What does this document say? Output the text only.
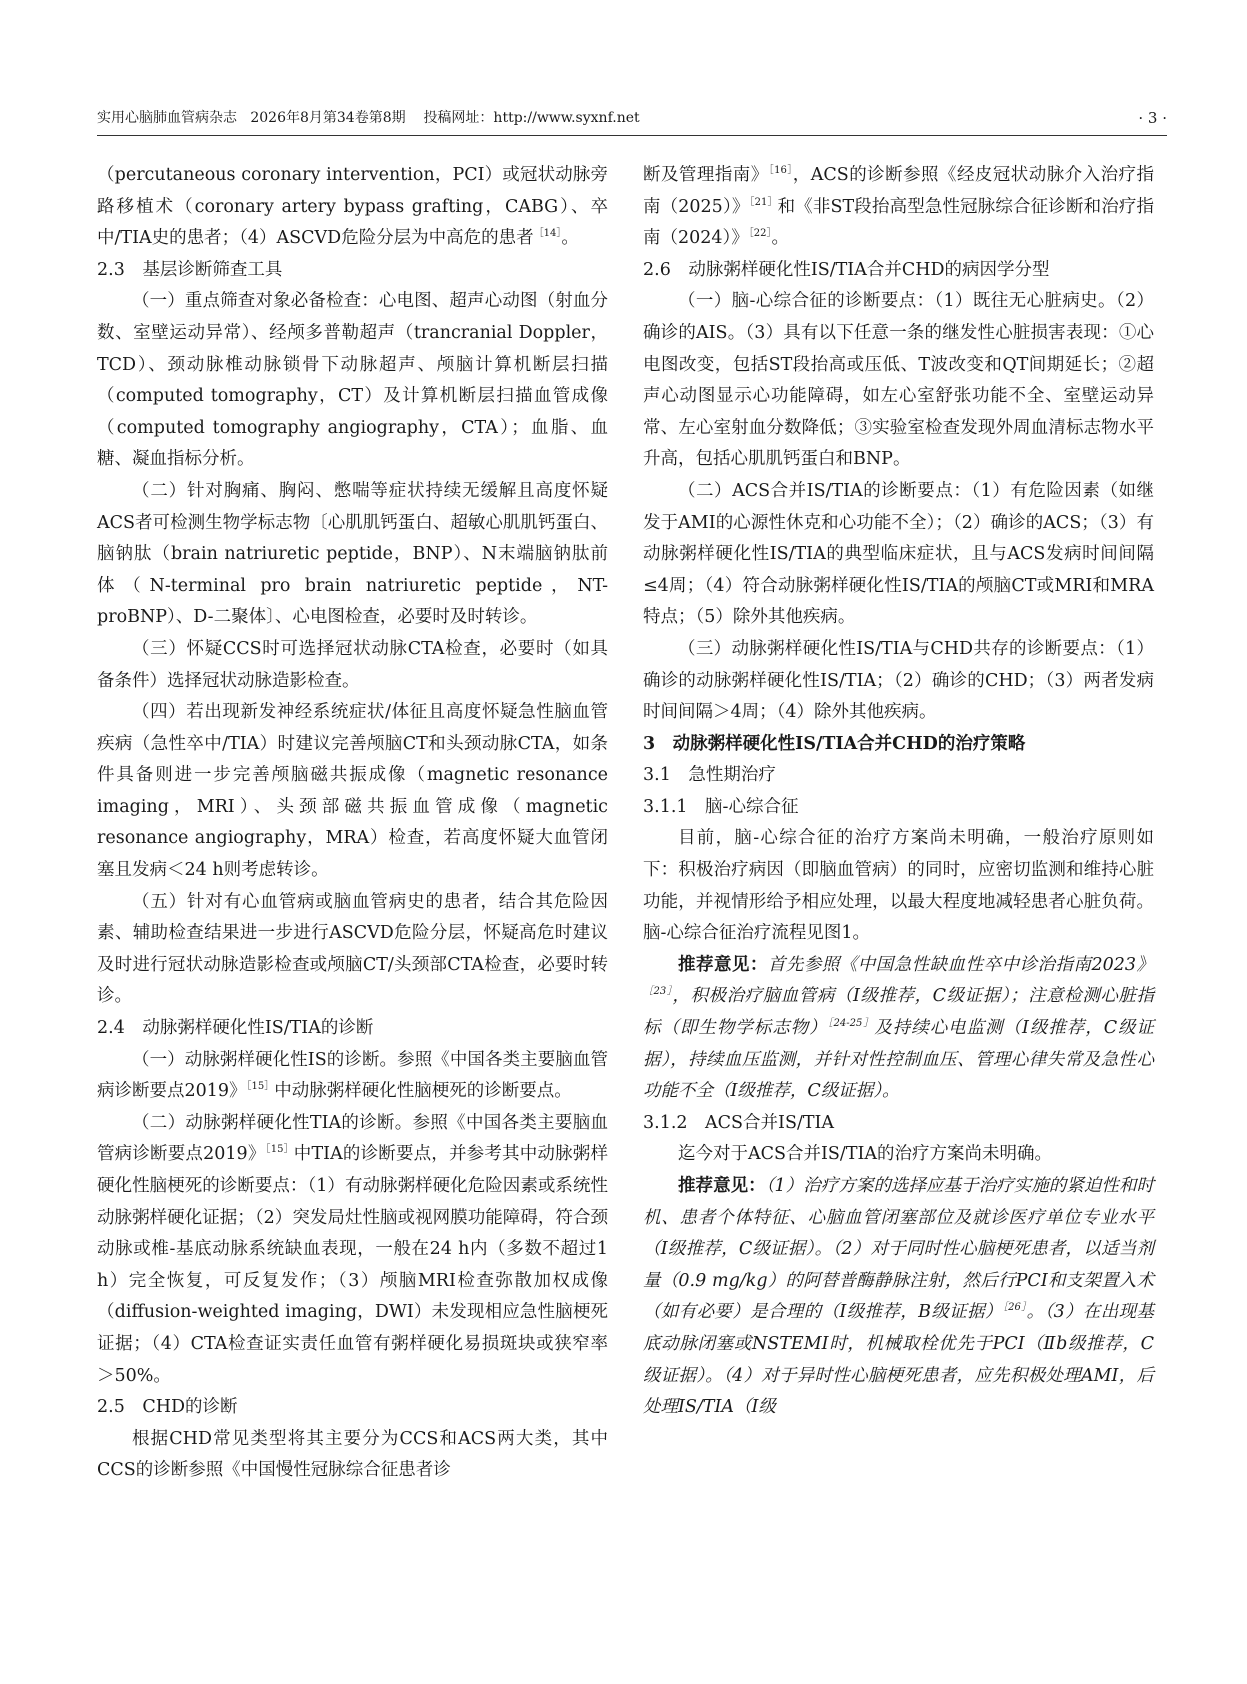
实用心脑肺血管病杂志 2026年8月第34卷第8期 投稿网址：http://www.syxnf.net	· 3 ·

（percutaneous coronary intervention，PCI）或冠状动脉旁路移植术（coronary artery bypass grafting，CABG）、卒中/TIA史的患者；（4）ASCVD危险分层为中高危的患者$^{[14]}$。

2.3　基层诊断筛查工具

（一）重点筛查对象必备检查：心电图、超声心动图（射血分数、室壁运动异常）、经颅多普勒超声（trancranial Doppler，TCD）、颈动脉椎动脉锁骨下动脉超声、颅脑计算机断层扫描（computed tomography，CT）及计算机断层扫描血管成像（computed tomography angiography，CTA）；血脂、血糖、凝血指标分析。

（二）针对胸痛、胸闷、憋喘等症状持续无缓解且高度怀疑ACS者可检测生物学标志物〔心肌肌钙蛋白、超敏心肌肌钙蛋白、脑钠肽（brain natriuretic peptide，BNP）、N末端脑钠肽前体（N-terminal pro brain natriuretic peptide，NT-proBNP）、D-二聚体〕、心电图检查，必要时及时转诊。

（三）怀疑CCS时可选择冠状动脉CTA检查，必要时（如具备条件）选择冠状动脉造影检查。

（四）若出现新发神经系统症状/体征且高度怀疑急性脑血管疾病（急性卒中/TIA）时建议完善颅脑CT和头颈动脉CTA，如条件具备则进一步完善颅脑磁共振成像（magnetic resonance imaging，MRI）、头颈部磁共振血管成像（magnetic resonance angiography，MRA）检查，若高度怀疑大血管闭塞且发病＜24 h则考虑转诊。

（五）针对有心血管病或脑血管病史的患者，结合其危险因素、辅助检查结果进一步进行ASCVD危险分层，怀疑高危时建议及时进行冠状动脉造影检查或颅脑CT/头颈部CTA检查，必要时转诊。

2.4　动脉粥样硬化性IS/TIA的诊断

（一）动脉粥样硬化性IS的诊断。参照《中国各类主要脑血管病诊断要点2019》$^{[15]}$中动脉粥样硬化性脑梗死的诊断要点。

（二）动脉粥样硬化性TIA的诊断。参照《中国各类主要脑血管病诊断要点2019》$^{[15]}$中TIA的诊断要点，并参考其中动脉粥样硬化性脑梗死的诊断要点：（1）有动脉粥样硬化危险因素或系统性动脉粥样硬化证据；（2）突发局灶性脑或视网膜功能障碍，符合颈动脉或椎-基底动脉系统缺血表现，一般在24 h内（多数不超过1 h）完全恢复，可反复发作；（3）颅脑MRI检查弥散加权成像（diffusion-weighted imaging，DWI）未发现相应急性脑梗死证据；（4）CTA检查证实责任血管有粥样硬化易损斑块或狭窄率＞50%。

2.5　CHD的诊断

根据CHD常见类型将其主要分为CCS和ACS两大类，其中CCS的诊断参照《中国慢性冠脉综合征患者诊

断及管理指南》$^{[16]}$，ACS的诊断参照《经皮冠状动脉介入治疗指南（2025）》$^{[21]}$和《非ST段抬高型急性冠脉综合征诊断和治疗指南（2024）》$^{[22]}$。

2.6　动脉粥样硬化性IS/TIA合并CHD的病因学分型

（一）脑-心综合征的诊断要点：（1）既往无心脏病史。（2）确诊的AIS。（3）具有以下任意一条的继发性心脏损害表现：①心电图改变，包括ST段抬高或压低、T波改变和QT间期延长；②超声心动图显示心功能障碍，如左心室舒张功能不全、室壁运动异常、左心室射血分数降低；③实验室检查发现外周血清标志物水平升高，包括心肌肌钙蛋白和BNP。

（二）ACS合并IS/TIA的诊断要点：（1）有危险因素（如继发于AMI的心源性休克和心功能不全）；（2）确诊的ACS；（3）有动脉粥样硬化性IS/TIA的典型临床症状，且与ACS发病时间间隔≤4周；（4）符合动脉粥样硬化性IS/TIA的颅脑CT或MRI和MRA特点；（5）除外其他疾病。

（三）动脉粥样硬化性IS/TIA与CHD共存的诊断要点：（1）确诊的动脉粥样硬化性IS/TIA；（2）确诊的CHD；（3）两者发病时间间隔＞4周；（4）除外其他疾病。

3　动脉粥样硬化性IS/TIA合并CHD的治疗策略

3.1　急性期治疗

3.1.1　脑-心综合征

目前，脑-心综合征的治疗方案尚未明确，一般治疗原则如下：积极治疗病因（即脑血管病）的同时，应密切监测和维持心脏功能，并视情形给予相应处理，以最大程度地减轻患者心脏负荷。脑-心综合征治疗流程见图1。

推荐意见：首先参照《中国急性缺血性卒中诊治指南2023》$^{[23]}$，积极治疗脑血管病（Ⅰ级推荐，C级证据）；注意检测心脏指标（即生物学标志物）$^{[24-25]}$及持续心电监测（Ⅰ级推荐，C级证据），持续血压监测，并针对性控制血压、管理心律失常及急性心功能不全（Ⅰ级推荐，C级证据）。

3.1.2　ACS合并IS/TIA

迄今对于ACS合并IS/TIA的治疗方案尚未明确。

推荐意见：（1）治疗方案的选择应基于治疗实施的紧迫性和时机、患者个体特征、心脑血管闭塞部位及就诊医疗单位专业水平（Ⅰ级推荐，C级证据）。（2）对于同时性心脑梗死患者，以适当剂量（0.9 mg/kg）的阿替普酶静脉注射，然后行PCI和支架置入术（如有必要）是合理的（Ⅰ级推荐，B级证据）$^{[26]}$。（3）在出现基底动脉闭塞或NSTEMI时，机械取栓优先于PCI（Ⅱb级推荐，C级证据）。（4）对于异时性心脑梗死患者，应先积极处理AMI，后处理IS/TIA（Ⅰ级
